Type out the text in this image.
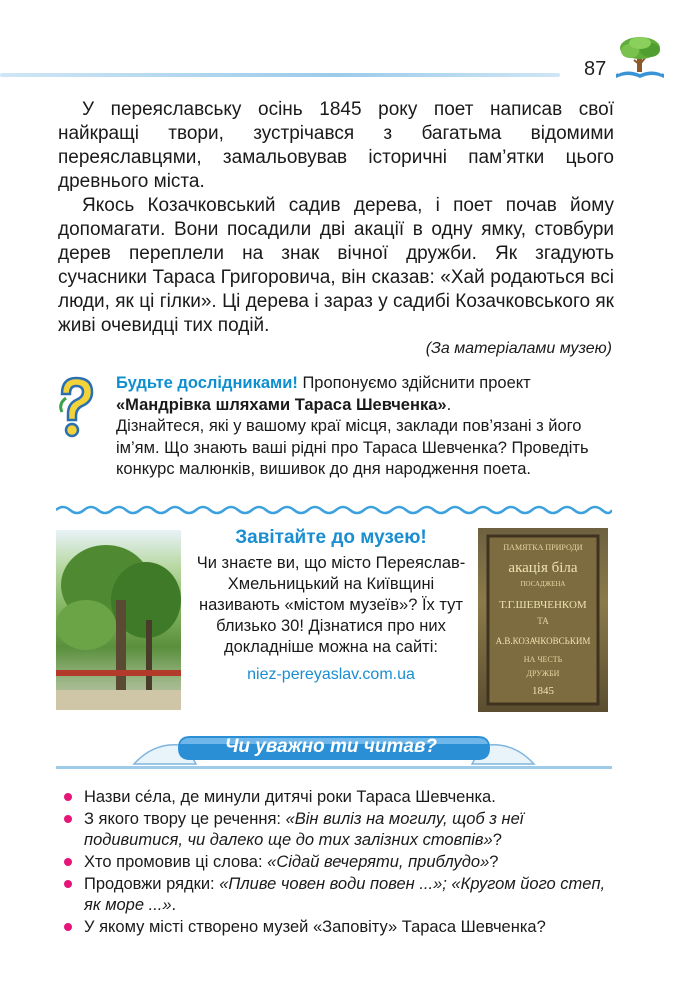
87

У переяславську осінь 1845 року поет написав свої найкращі твори, зустрічався з багатьма відомими переяславцями, замальовував історичні пам’ятки цього древнього міста.

Якось Козачковський садив дерева, і поет почав йому допомагати. Вони посадили дві акації в одну ямку, стовбури дерев переплели на знак вічної дружби. Як згадують сучасники Тараса Григоровича, він сказав: «Хай родаються всі люди, як ці гілки». Ці дерева і зараз у садибі Козачковського як живі очевидці тих подій.

(За матеріалами музею)

Будьте дослідниками! Пропонуємо здійснити проект «Мандрівка шляхами Тараса Шевченка».

Дізнайтеся, які у вашому краї місця, заклади пов’язані з його ім’ям. Що знають ваші рідні про Тараса Шевченка? Проведіть конкурс малюнків, вишивок до дня народження поета.

Завітайте до музею!

Чи знаєте ви, що місто Переяслав-Хмельницький на Київщині називають «містом музеїв»? Їх тут близько 30! Дізнатися про них докладніше можна на сайті:

niez-pereyaslav.com.ua
ПАМЯТКА ПРИРОДИ
акація біла
ПОСАДЖЕНА
Т.Г.ШЕВЧЕНКОМ
ТА
А.В.КОЗАЧКОВСЬКИМ
НА ЧЕСТЬ
ДРУЖБИ
1845
Чи уважно ти читав?
Назви се́ла, де минули дитячі роки Тараса Шевченка.
З якого твору це речення: «Він виліз на могилу, щоб з неї подивитися, чи далеко ще до тих залізних стовпів»?
Хто промовив ці слова: «Сідай вечеряти, приблудо»?
Продовжи рядки: «Пливе човен води повен ...»; «Кругом його степ, як море ...».
У якому місті створено музей «Заповіту» Тараса Шевченка?
